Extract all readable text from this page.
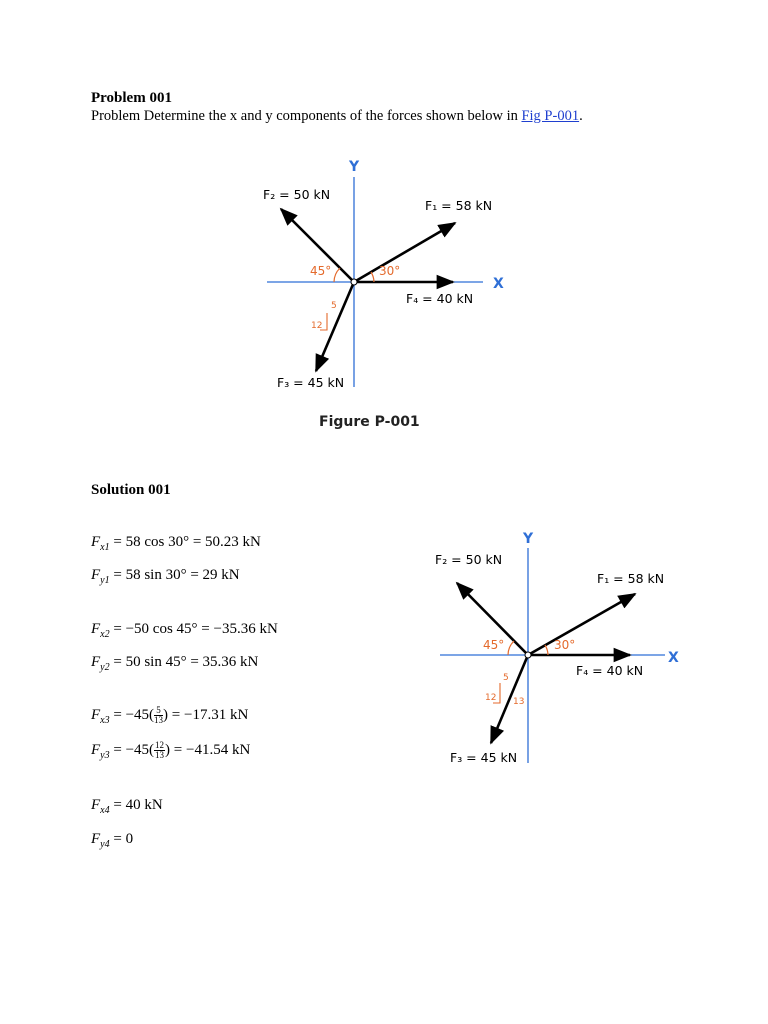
Problem 001
Problem Determine the x and y components of the forces shown below in Fig P-001.
Y
X
30°
45°
5
12
F₂ = 50 kN
F₁ = 58 kN
F₄ = 40 kN
F₃ = 45 kN
Figure P-001
Solution 001
$F_{x1} = 58$ cos 30° = 50.23 kN
$F_{y1} = 58$ sin 30° = 29 kN
$F_{x2} = -50$ cos 45° = −35.36 kN
$F_{y2} = 50$ sin 45° = 35.36 kN
$F_{x3} = -45( \frac{5}{13}$ ) = −17.31 kN
$F_{y3} = -45( \frac{12}{13}$ ) = −41.54 kN
$F_{x4} = 40$ kN
$F_{y4} = 0$
Y
X
30°
45°
5
12 13
F₂ = 50 kN
F₁ = 58 kN
F₄ = 40 kN
F₃ = 45 kN
